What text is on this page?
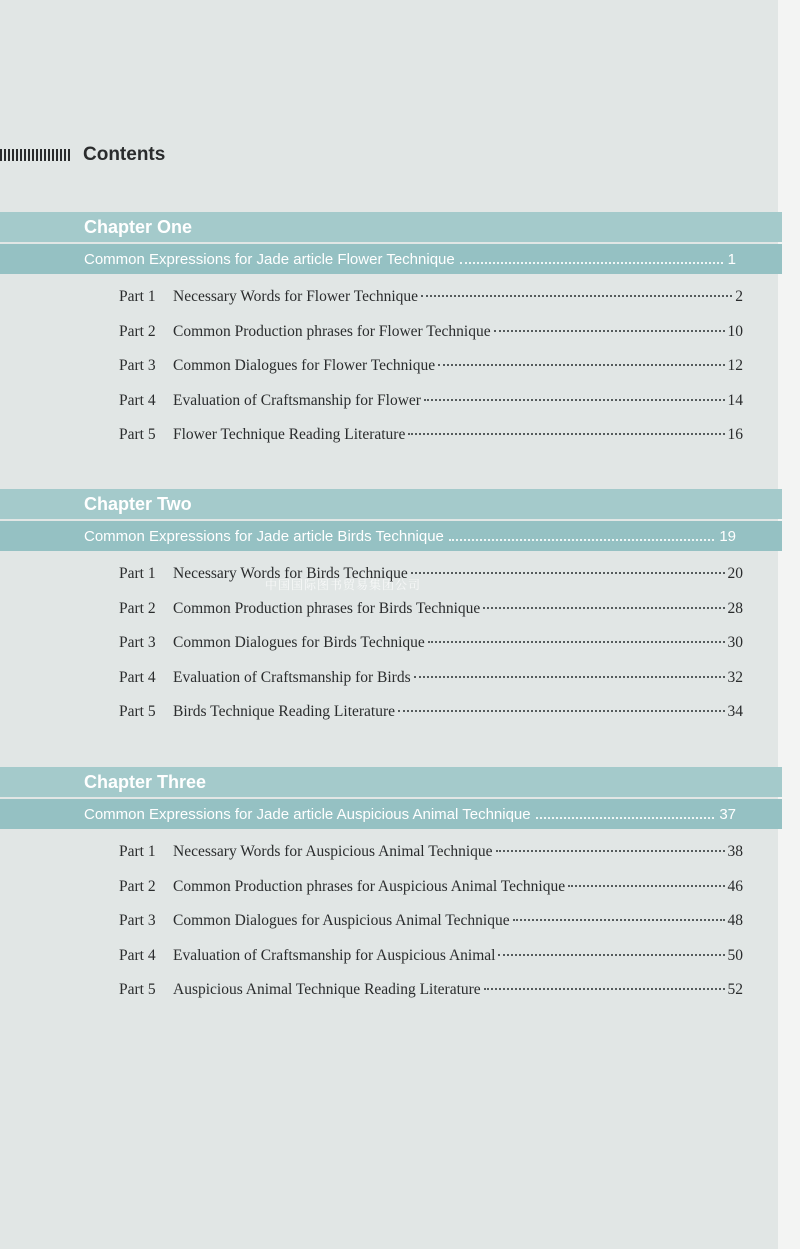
Contents
中国国际图书贸易集团公司
Chapter One
Common Expressions for Jade article Flower Technique	1
Part 1	Necessary Words for Flower Technique	2
Part 2	Common Production phrases for Flower Technique	10
Part 3	Common Dialogues for Flower Technique	12
Part 4	Evaluation of Craftsmanship for Flower	14
Part 5	Flower Technique Reading Literature	16
Chapter Two
Common Expressions for Jade article Birds Technique	19
Part 1	Necessary Words for Birds Technique	20
Part 2	Common Production phrases for Birds Technique	28
Part 3	Common Dialogues for Birds Technique	30
Part 4	Evaluation of Craftsmanship for Birds	32
Part 5	Birds Technique Reading Literature	34
Chapter Three
Common Expressions for Jade article Auspicious Animal Technique	37
Part 1	Necessary Words for Auspicious Animal Technique	38
Part 2	Common Production phrases for Auspicious Animal Technique	46
Part 3	Common Dialogues for Auspicious Animal Technique	48
Part 4	Evaluation of Craftsmanship for Auspicious Animal	50
Part 5	Auspicious Animal Technique Reading Literature	52
